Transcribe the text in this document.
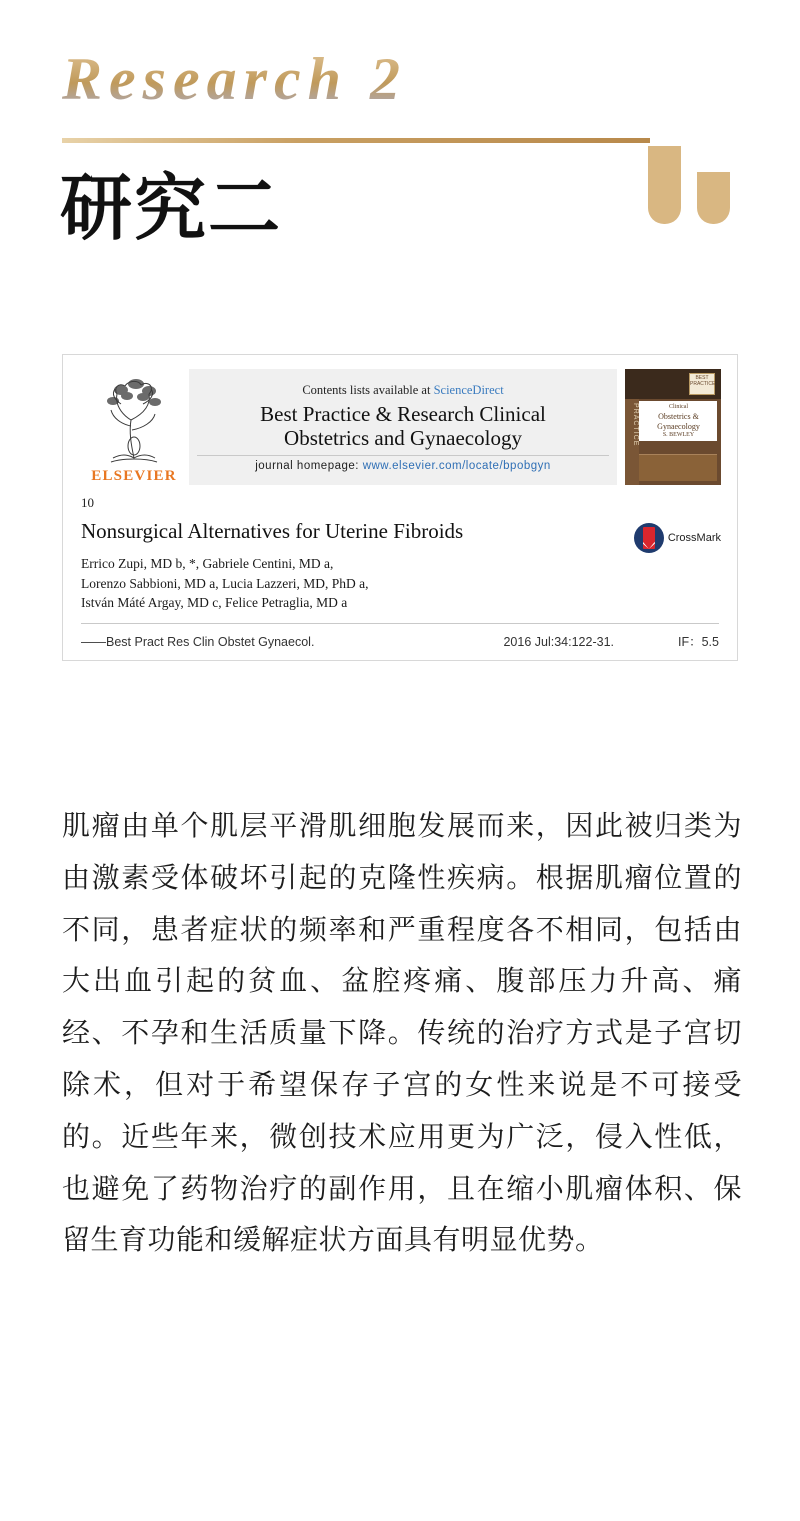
Research 2
研究二
ELSEVIER
Contents lists available at ScienceDirect
Best Practice & Research Clinical
Obstetrics and Gynaecology
journal homepage: www.elsevier.com/locate/bpobgyn
BEST PRACTICE
PRACTICE	Clinical
Obstetrics &
Gynaecology
S. BEWLEY
10
Nonsurgical Alternatives for Uterine Fibroids	CrossMark
Errico Zupi, MD b, *, Gabriele Centini, MD a,
Lorenzo Sabbioni, MD a, Lucia Lazzeri, MD, PhD a,
István Máté Argay, MD c, Felice Petraglia, MD a
——Best Pract Res Clin Obstet Gynaecol.	2016 Jul:34:122-31.	IF：5.5
肌瘤由单个肌层平滑肌细胞发展而来，因此被归类为由激素受体破坏引起的克隆性疾病。根据肌瘤位置的不同，患者症状的频率和严重程度各不相同，包括由大出血引起的贫血、盆腔疼痛、腹部压力升高、痛经、不孕和生活质量下降。传统的治疗方式是子宫切除术，但对于希望保存子宫的女性来说是不可接受的。近些年来，微创技术应用更为广泛，侵入性低，也避免了药物治疗的副作用，且在缩小肌瘤体积、保留生育功能和缓解症状方面具有明显优势。
